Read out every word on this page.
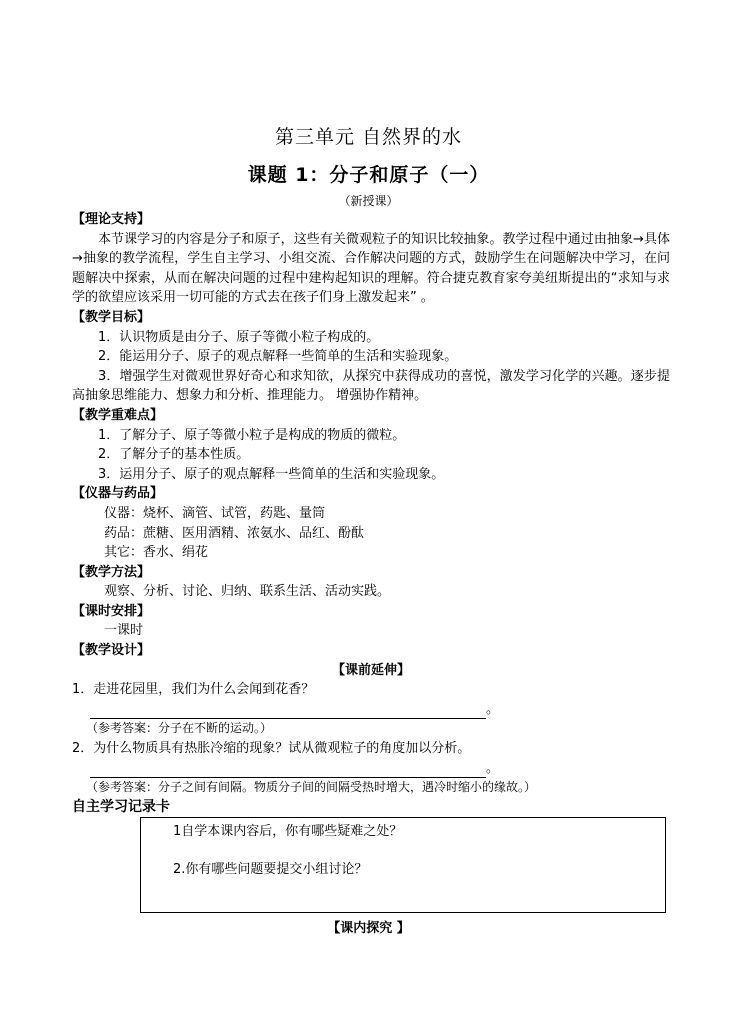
第三单元 自然界的水
课题 1：分子和原子（一）
（新授课）

【理论支持】

本节课学习的内容是分子和原子，这些有关微观粒子的知识比较抽象。教学过程中通过由抽象→具体→抽象的教学流程，学生自主学习、小组交流、合作解决问题的方式，鼓励学生在问题解决中学习，在问题解决中探索，从而在解决问题的过程中建构起知识的理解。符合捷克教育家夸美纽斯提出的“求知与求学的欲望应该采用一切可能的方式去在孩子们身上激发起来” 。

【教学目标】

1．认识物质是由分子、原子等微小粒子构成的。

2．能运用分子、原子的观点解释一些简单的生活和实验现象。

3．增强学生对微观世界好奇心和求知欲，从探究中获得成功的喜悦，激发学习化学的兴趣。逐步提高抽象思维能力、想象力和分析、推理能力。 增强协作精神。

【教学重难点】

1．了解分子、原子等微小粒子是构成的物质的微粒。

2．了解分子的基本性质。

3．运用分子、原子的观点解释一些简单的生活和实验现象。

【仪器与药品】

仪器：烧杯、滴管、试管，药匙、量筒

药品：蔗糖、医用酒精、浓氨水、品红、酚酞

其它：香水、绢花

【教学方法】

观察、分析、讨论、归纳、联系生活、活动实践。

【课时安排】

一课时

【教学设计】

【课前延伸】

1．走进花园里，我们为什么会闻到花香？

。

（参考答案：分子在不断的运动。）

2．为什么物质具有热胀冷缩的现象？试从微观粒子的角度加以分析。

。

（参考答案：分子之间有间隔。物质分子间的间隔受热时增大，遇冷时缩小的缘故。）

自主学习记录卡

1自学本课内容后，你有哪些疑难之处？

2.你有哪些问题要提交小组讨论？

【课内探究 】
